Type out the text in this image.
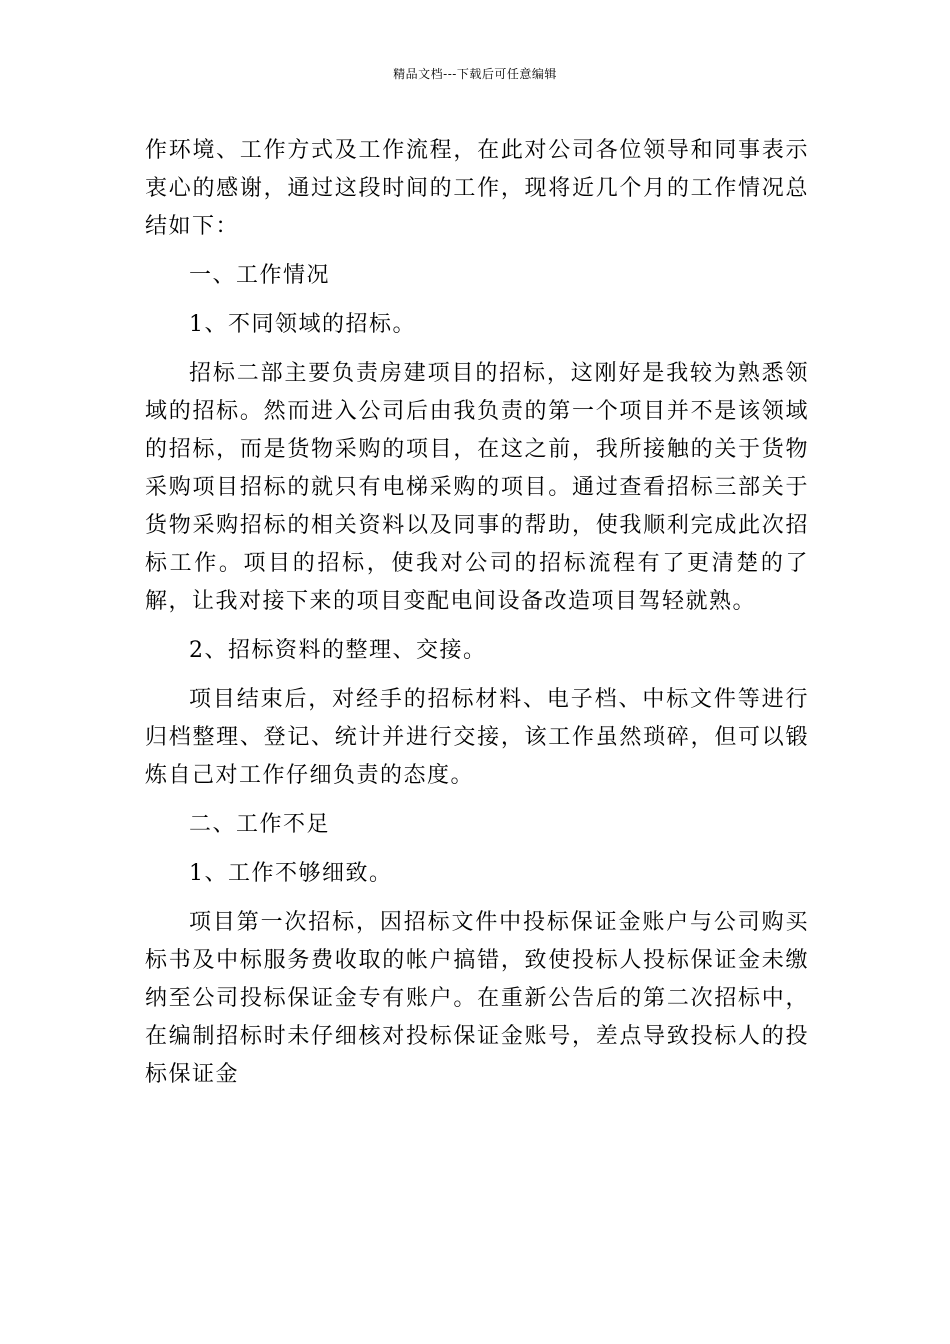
精品文档---下载后可任意编辑

作环境、工作方式及工作流程，在此对公司各位领导和同事表示衷心的感谢，通过这段时间的工作，现将近几个月的工作情况总结如下：

一、工作情况

1、不同领域的招标。

招标二部主要负责房建项目的招标，这刚好是我较为熟悉领域的招标。然而进入公司后由我负责的第一个项目并不是该领域的招标，而是货物采购的项目，在这之前，我所接触的关于货物采购项目招标的就只有电梯采购的项目。通过查看招标三部关于货物采购招标的相关资料以及同事的帮助，使我顺利完成此次招标工作。项目的招标，使我对公司的招标流程有了更清楚的了解，让我对接下来的项目变配电间设备改造项目驾轻就熟。

2、招标资料的整理、交接。

项目结束后，对经手的招标材料、电子档、中标文件等进行归档整理、登记、统计并进行交接，该工作虽然琐碎，但可以锻炼自己对工作仔细负责的态度。

二、工作不足

1、工作不够细致。

项目第一次招标，因招标文件中投标保证金账户与公司购买标书及中标服务费收取的帐户搞错，致使投标人投标保证金未缴纳至公司投标保证金专有账户。在重新公告后的第二次招标中，在编制招标时未仔细核对投标保证金账号，差点导致投标人的投标保证金
